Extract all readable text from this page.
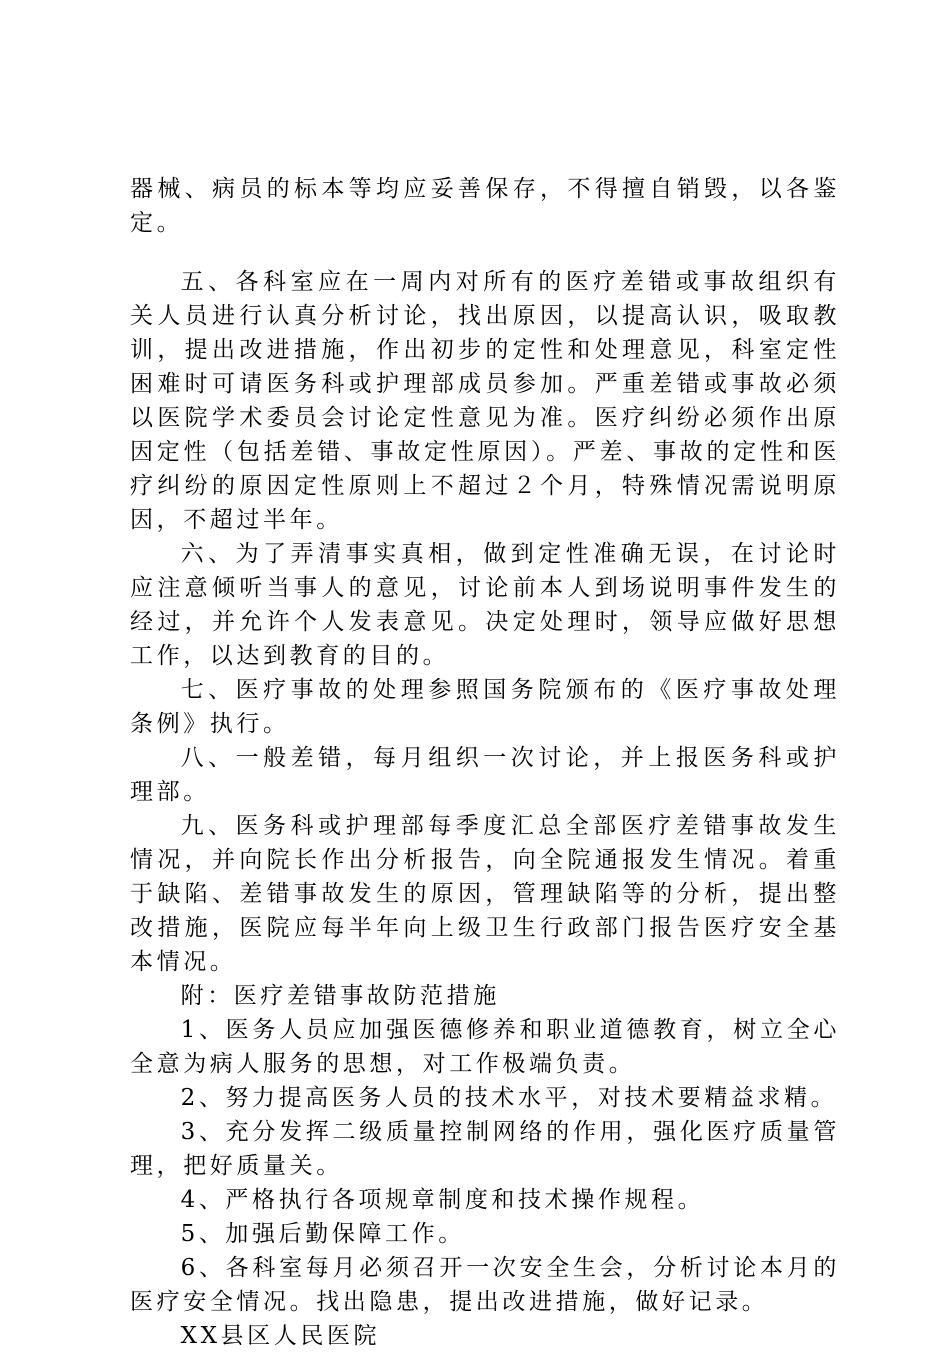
器械、病员的标本等均应妥善保存，不得擅自销毁，以各鉴定。

五、各科室应在一周内对所有的医疗差错或事故组织有关人员进行认真分析讨论，找出原因，以提高认识，吸取教训，提出改进措施，作出初步的定性和处理意见，科室定性困难时可请医务科或护理部成员参加。严重差错或事故必须以医院学术委员会讨论定性意见为准。医疗纠纷必须作出原因定性（包括差错、事故定性原因）。严差、事故的定性和医疗纠纷的原因定性原则上不超过２个月，特殊情况需说明原因，不超过半年。

六、为了弄清事实真相，做到定性准确无误，在讨论时应注意倾听当事人的意见，讨论前本人到场说明事件发生的经过，并允许个人发表意见。决定处理时，领导应做好思想工作，以达到教育的目的。

七、医疗事故的处理参照国务院颁布的《医疗事故处理条例》执行。

八、一般差错，每月组织一次讨论，并上报医务科或护理部。

九、医务科或护理部每季度汇总全部医疗差错事故发生情况，并向院长作出分析报告，向全院通报发生情况。着重于缺陷、差错事故发生的原因，管理缺陷等的分析，提出整改措施，医院应每半年向上级卫生行政部门报告医疗安全基本情况。

附：医疗差错事故防范措施

1、医务人员应加强医德修养和职业道德教育，树立全心全意为病人服务的思想，对工作极端负责。

2、努力提高医务人员的技术水平，对技术要精益求精。

3、充分发挥二级质量控制网络的作用，强化医疗质量管理，把好质量关。

4、严格执行各项规章制度和技术操作规程。

5、加强后勤保障工作。

6、各科室每月必须召开一次安全生会，分析讨论本月的医疗安全情况。找出隐患，提出改进措施，做好记录。

XX县区人民医院
